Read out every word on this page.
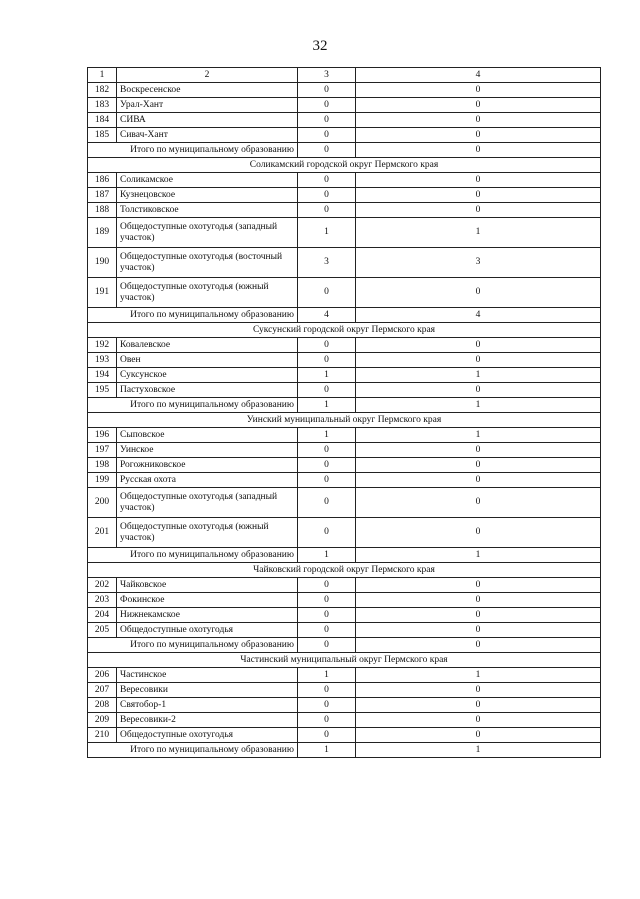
32
1	2	3	4
182	Воскресенское	0	0
183	Урал-Хант	0	0
184	СИВА	0	0
185	Сивач-Хант	0	0
Итого по муниципальному образованию		0	0
Соликамский городской округ Пермского края			
186	Соликамское	0	0
187	Кузнецовское	0	0
188	Толстиковское	0	0
189	Общедоступные охотугодья (западный участок)	1	1
190	Общедоступные охотугодья (восточный участок)	3	3
191	Общедоступные охотугодья (южный участок)	0	0
Итого по муниципальному образованию		4	4
Суксунский городской округ Пермского края			
192	Ковалевское	0	0
193	Овен	0	0
194	Суксунское	1	1
195	Пастуховское	0	0
Итого по муниципальному образованию		1	1
Уинский муниципальный округ Пермского края			
196	Сыповское	1	1
197	Уинское	0	0
198	Рогожниковское	0	0
199	Русская охота	0	0
200	Общедоступные охотугодья (западный участок)	0	0
201	Общедоступные охотугодья (южный участок)	0	0
Итого по муниципальному образованию		1	1
Чайковский городской округ Пермского края			
202	Чайковское	0	0
203	Фокинское	0	0
204	Нижнекамское	0	0
205	Общедоступные охотугодья	0	0
Итого по муниципальному образованию		0	0
Частинский муниципальный округ Пермского края			
206	Частинское	1	1
207	Вересовики	0	0
208	Святобор-1	0	0
209	Вересовики-2	0	0
210	Общедоступные охотугодья	0	0
Итого по муниципальному образованию		1	1
